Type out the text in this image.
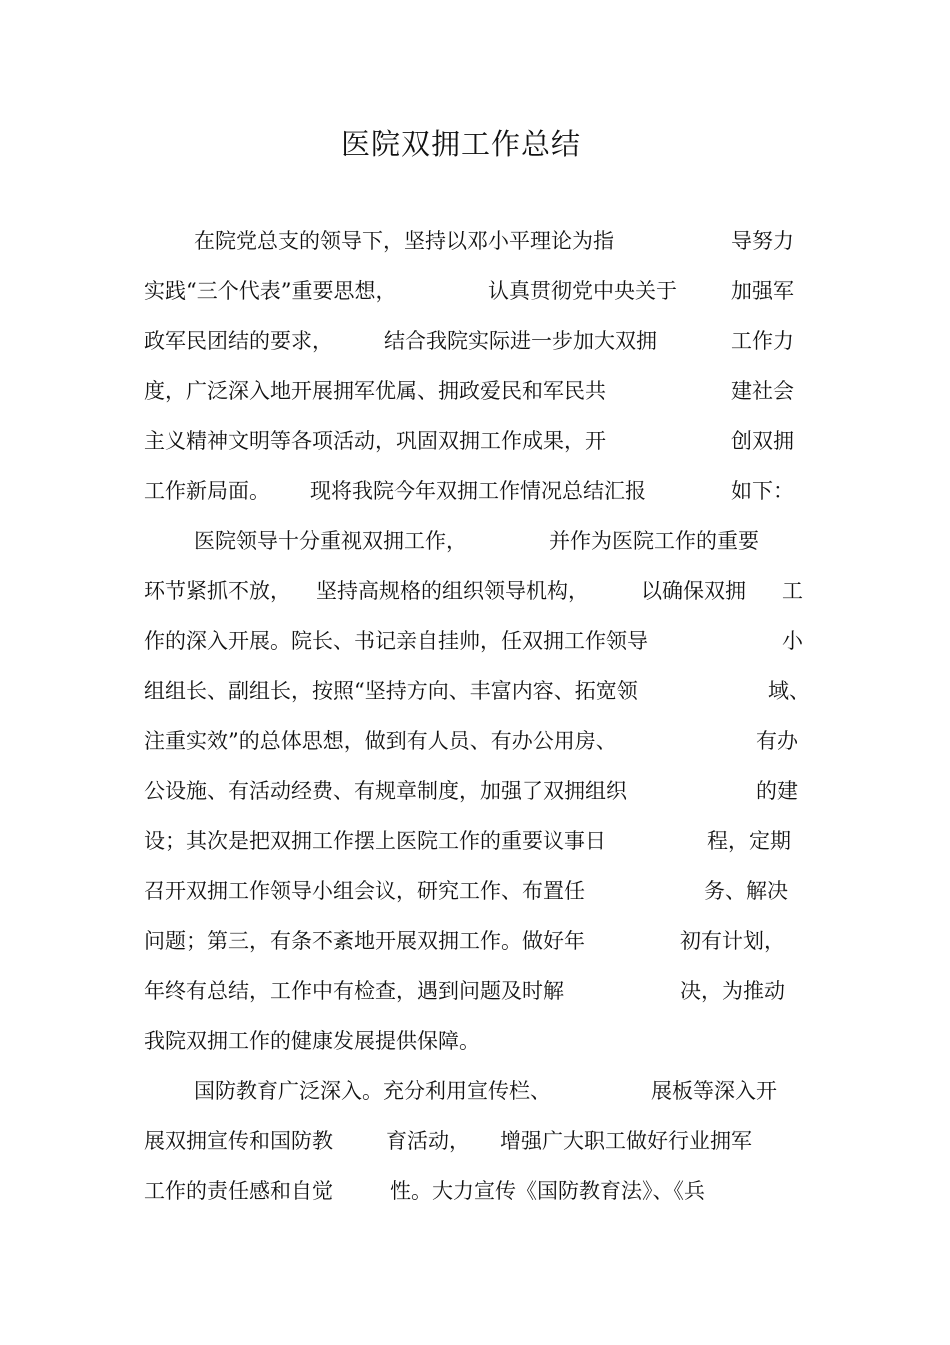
医院双拥工作总结
在院党总支的领导下，坚持以邓小平理论为指	导努力
实践“三个代表”重要思想，	认真贯彻党中央关于	加强军
政军民团结的要求， 结合我院实际进一步加大双拥	工作力
度，广泛深入地开展拥军优属、拥政爱民和军民共	建社会
主义精神文明等各项活动，巩固双拥工作成果，开	创双拥
工作新局面。 现将我院今年双拥工作情况总结汇报	如下：
医院领导十分重视双拥工作，	并作为医院工作的重要
环节紧抓不放， 坚持高规格的组织领导机构， 以确保双拥 工
作的深入开展。院长、书记亲自挂帅，任双拥工作领导	小
组组长、副组长，按照“坚持方向、丰富内容、拓宽领	域、
注重实效”的总体思想，做到有人员、有办公用房、	有办
公设施、有活动经费、有规章制度，加强了双拥组织	的建
设；其次是把双拥工作摆上医院工作的重要议事日	程，定期
召开双拥工作领导小组会议，研究工作、布置任	务、解决
问题；第三，有条不紊地开展双拥工作。做好年	初有计划，
年终有总结，工作中有检查，遇到问题及时解	决，为推动
我院双拥工作的健康发展提供保障。
国防教育广泛深入。充分利用宣传栏、	展板等深入开
展双拥宣传和国防教	育活动， 增强广大职工做好行业拥军
工作的责任感和自觉	性。大力宣传《国防教育法》、《兵
